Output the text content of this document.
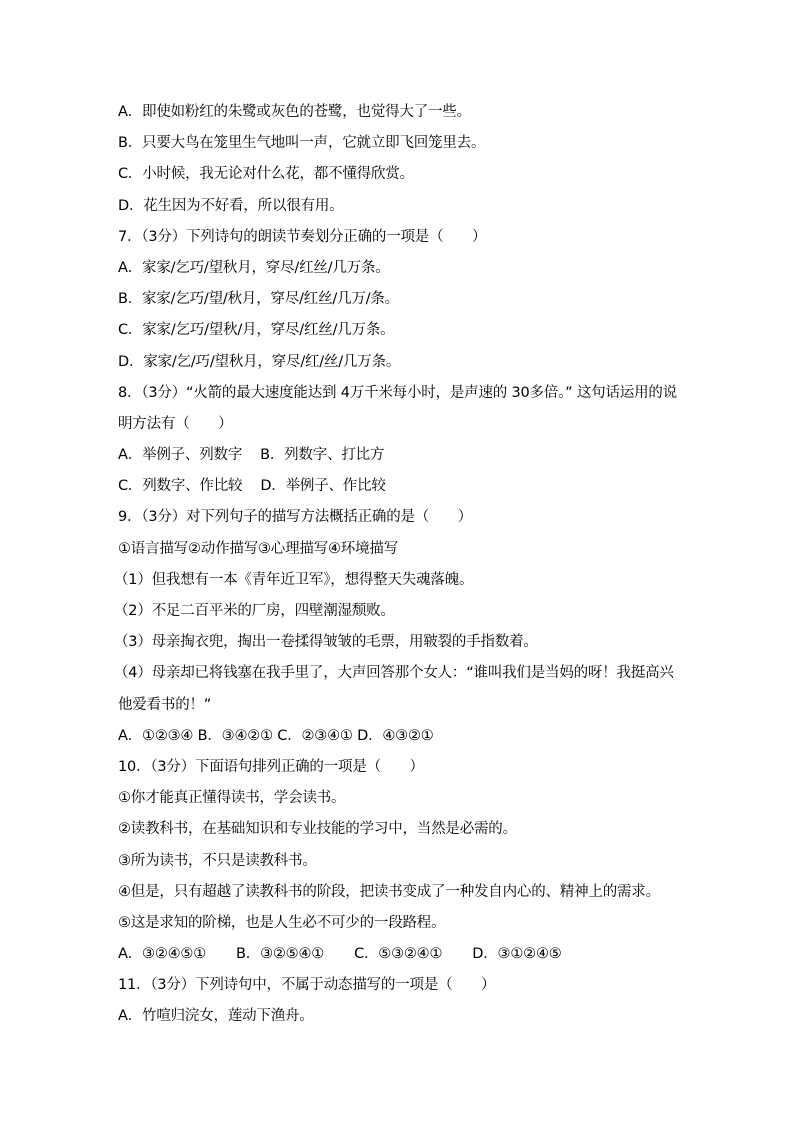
A．即使如粉红的朱鹭或灰色的苍鹭，也觉得大了一些。
B．只要大鸟在笼里生气地叫一声，它就立即飞回笼里去。
C．小时候，我无论对什么花，都不懂得欣赏。
D．花生因为不好看，所以很有用。
7．（3分）下列诗句的朗读节奏划分正确的一项是（　　）
A．家家/乞巧/望秋月，穿尽/红丝/几万条。
B．家家/乞巧/望/秋月，穿尽/红丝/几万/条。
C．家家/乞巧/望秋/月，穿尽/红丝/几万条。
D．家家/乞/巧/望秋月，穿尽/红/丝/几万条。
8．（3分）“火箭的最大速度能达到 4万千米每小时，是声速的 30多倍。” 这句话运用的说
明方法有（　　）
A．举例子、列数字 B．列数字、打比方
C．列数字、作比较 D．举例子、作比较
9．（3分）对下列句子的描写方法概括正确的是（　　）
①语言描写②动作描写③心理描写④环境描写
（1）但我想有一本《青年近卫军》，想得整天失魂落魄。
（2）不足二百平米的厂房，四壁潮湿颓败。
（3）母亲掏衣兜，掏出一卷揉得皱皱的毛票，用皲裂的手指数着。
（4）母亲却已将钱塞在我手里了，大声回答那个女人：“谁叫我们是当妈的呀！我挺高兴
他爱看书的！”
A．①②③④ B．③④②① C．②③④① D．④③②①
10．（3分）下面语句排列正确的一项是（　　）
①你才能真正懂得读书，学会读书。
②读教科书，在基础知识和专业技能的学习中，当然是必需的。
③所为读书，不只是读教科书。
④但是，只有超越了读教科书的阶段，把读书变成了一种发自内心的、精神上的需求。
⑤这是求知的阶梯，也是人生必不可少的一段路程。
A．③②④⑤① B．③②⑤④① C．⑤③②④① D．③①②④⑤
11．（3分）下列诗句中，不属于动态描写的一项是（　　）
A．竹喧归浣女，莲动下渔舟。
